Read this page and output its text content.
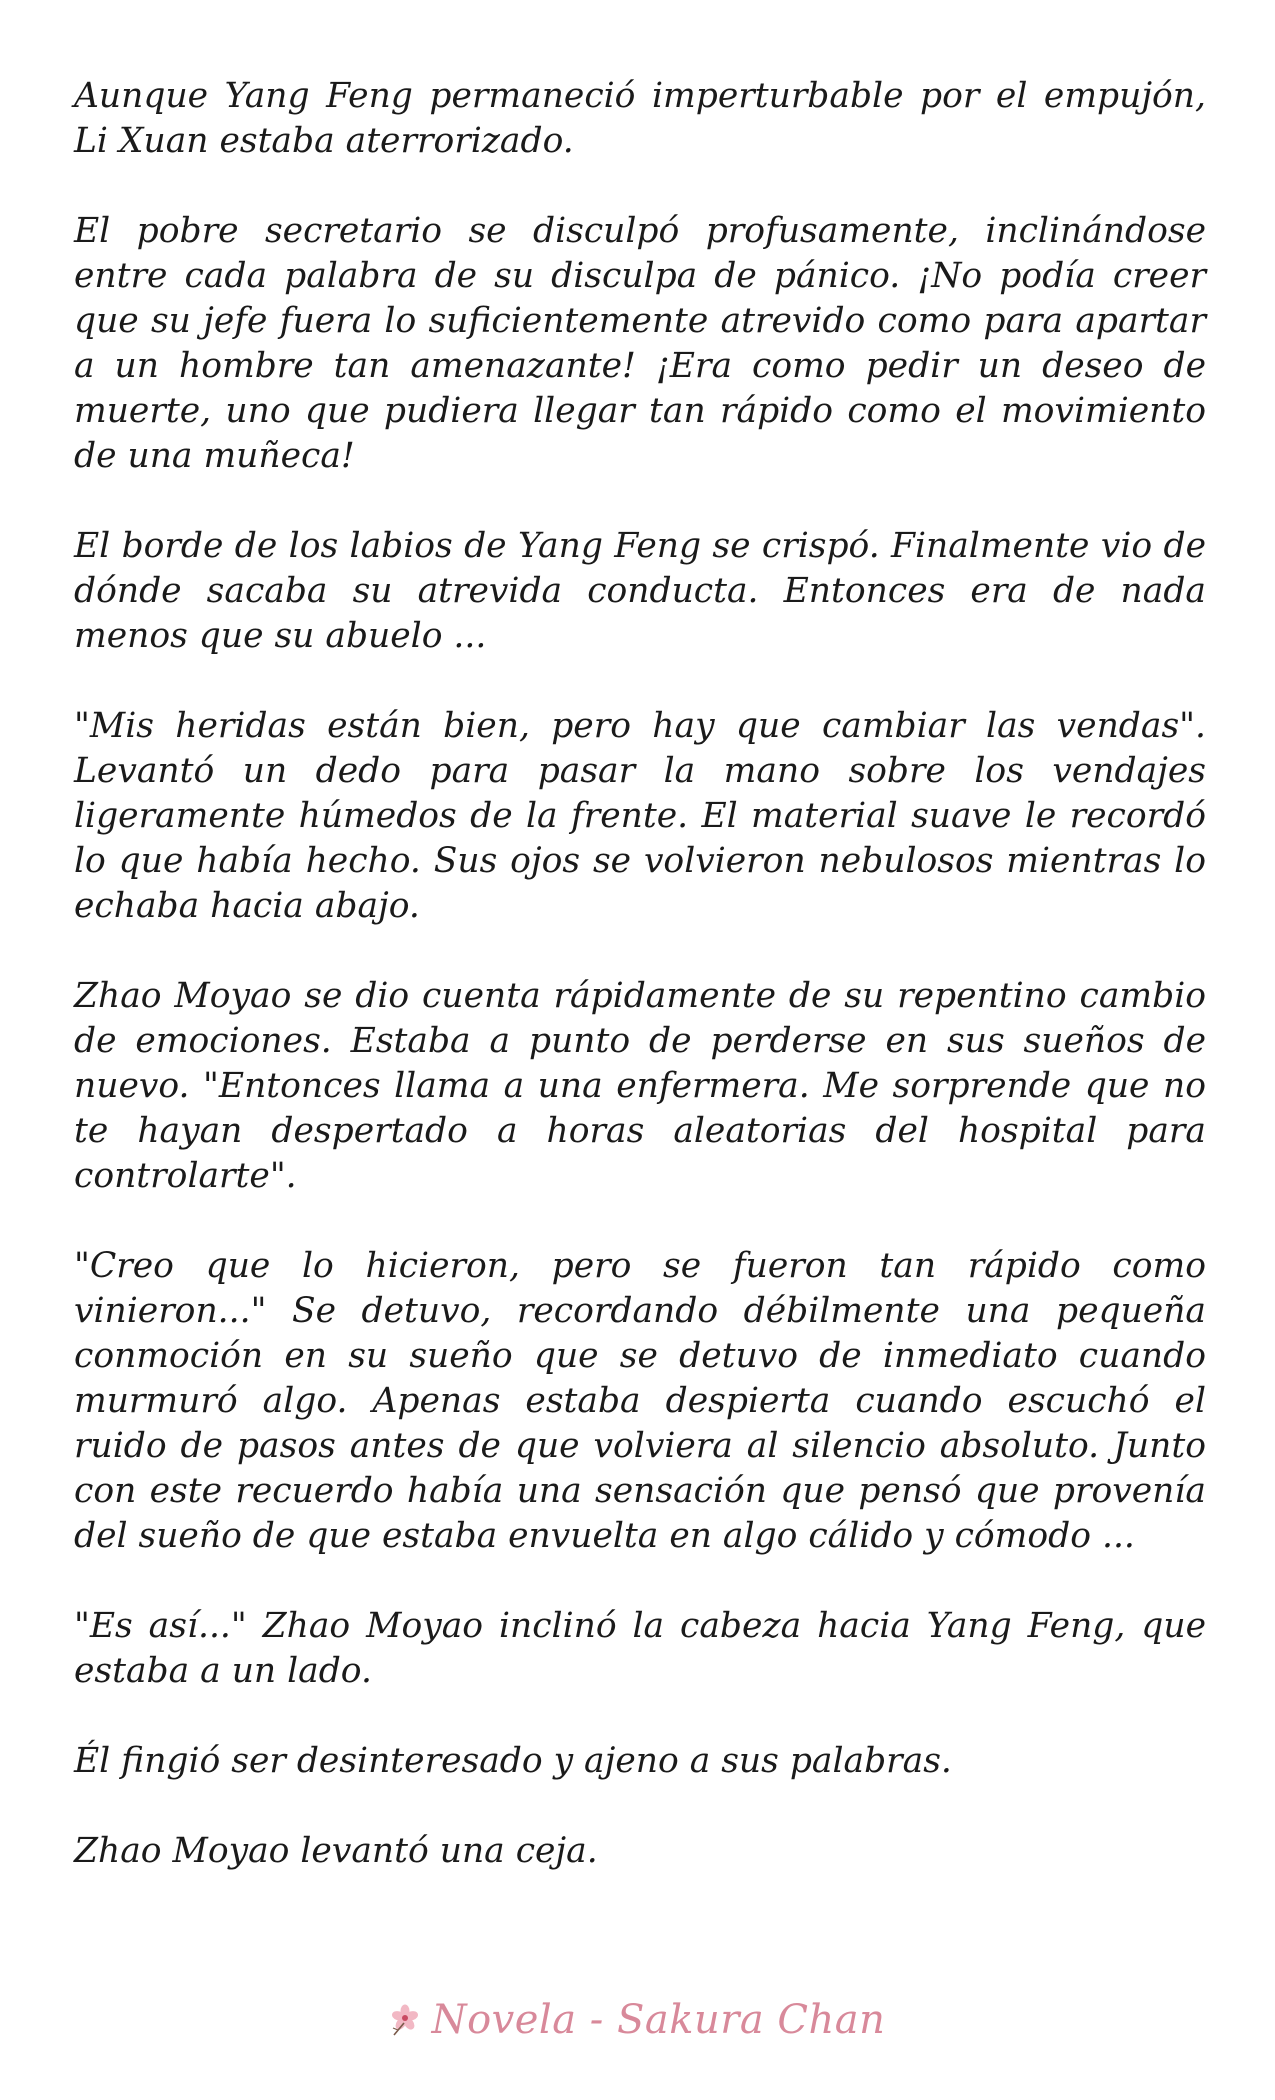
Aunque Yang Feng permaneció imperturbable por el empujón, Li Xuan estaba aterrorizado.

El pobre secretario se disculpó profusamente, inclinándose entre cada palabra de su disculpa de pánico. ¡No podía creer que su jefe fuera lo suficientemente atrevido como para apartar a un hombre tan amenazante! ¡Era como pedir un deseo de muerte, uno que pudiera llegar tan rápido como el movimiento de una muñeca!

El borde de los labios de Yang Feng se crispó. Finalmente vio de dónde sacaba su atrevida conducta. Entonces era de nada menos que su abuelo ...

"Mis heridas están bien, pero hay que cambiar las vendas". Levantó un dedo para pasar la mano sobre los vendajes ligeramente húmedos de la frente. El material suave le recordó lo que había hecho. Sus ojos se volvieron nebulosos mientras lo echaba hacia abajo.

Zhao Moyao se dio cuenta rápidamente de su repentino cambio de emociones. Estaba a punto de perderse en sus sueños de nuevo. "Entonces llama a una enfermera. Me sorprende que no te hayan despertado a horas aleatorias del hospital para controlarte".

"Creo que lo hicieron, pero se fueron tan rápido como vinieron..." Se detuvo, recordando débilmente una pequeña conmoción en su sueño que se detuvo de inmediato cuando murmuró algo. Apenas estaba despierta cuando escuchó el ruido de pasos antes de que volviera al silencio absoluto. Junto con este recuerdo había una sensación que pensó que provenía del sueño de que estaba envuelta en algo cálido y cómodo ...

"Es así..." Zhao Moyao inclinó la cabeza hacia Yang Feng, que estaba a un lado.

Él fingió ser desinteresado y ajeno a sus palabras.

Zhao Moyao levantó una ceja.

Novela - Sakura Chan
